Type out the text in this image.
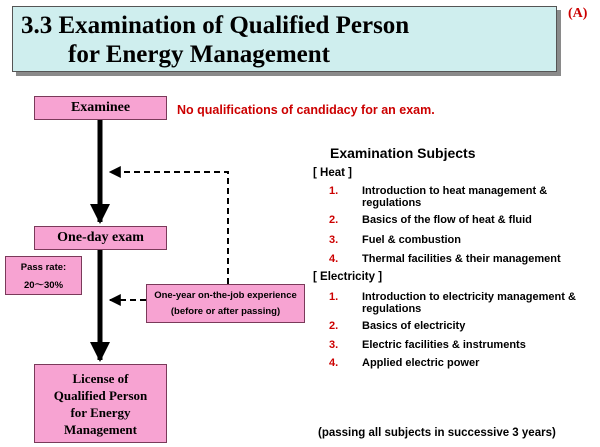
3.3 Examination of Qualified Person
for Energy Management
(A)
Examinee	No qualifications of candidacy for an exam.
One-day exam
Pass rate:
20～30%
One-year on-the-job experience
(before or after passing)
License of
Qualified Person
for Energy
Management
Examination Subjects
[ Heat ]
1. Introduction to heat management & regulations
2. Basics of the flow of heat & fluid
3. Fuel & combustion
4. Thermal facilities & their management
[ Electricity ]
1. Introduction to electricity management & regulations
2. Basics of electricity
3. Electric facilities & instruments
4. Applied electric power
(passing all subjects in successive 3 years)
